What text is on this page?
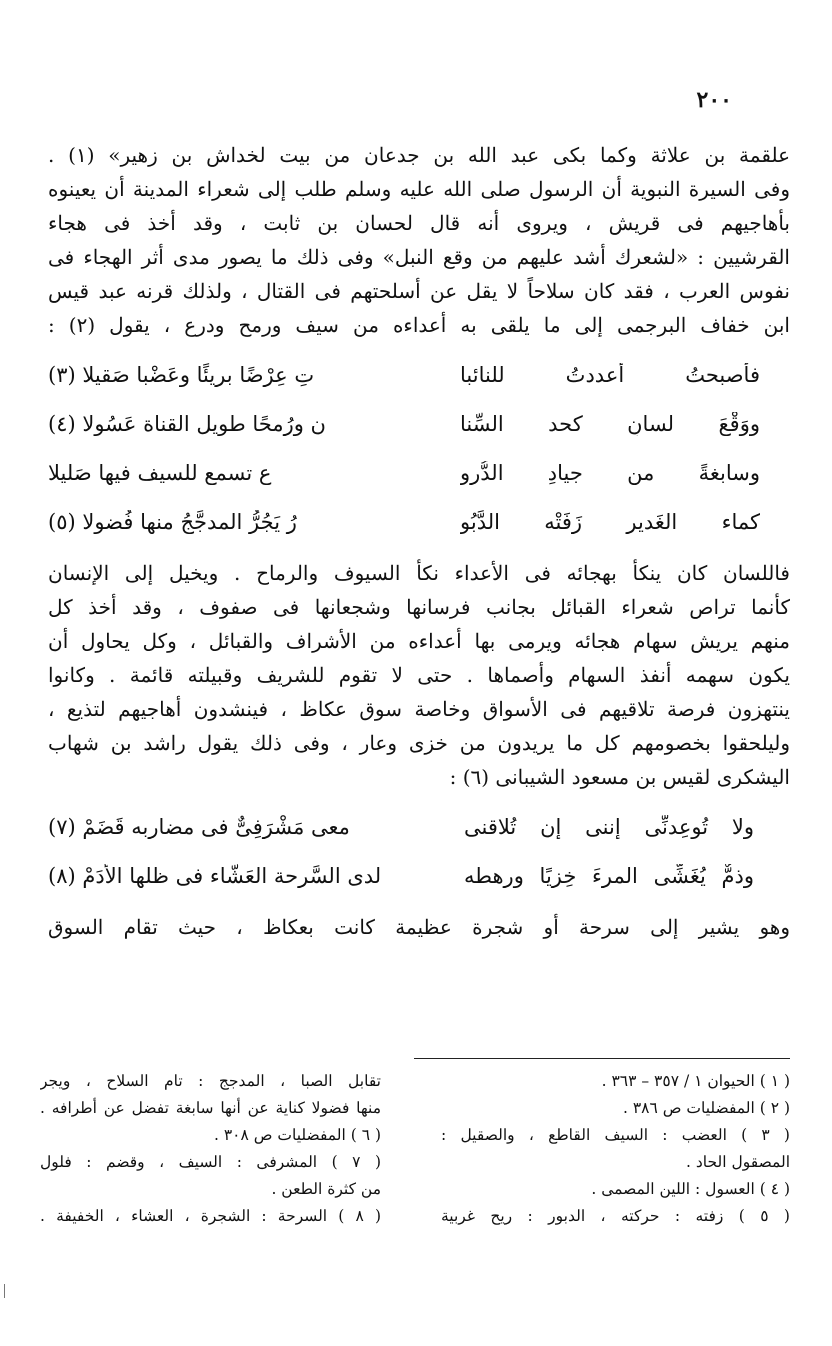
٢٠٠
علقمة بن علاثة وكما بكى عبد الله بن جدعان من بيت لخداش بن زهير» (١) .
وفى السيرة النبوية أن الرسول صلى الله عليه وسلم طلب إلى شعراء المدينة أن يعينوه
بأهاجيهم فى قريش ، ويروى أنه قال لحسان بن ثابت ، وقد أخذ فى هجاء
القرشيين : «لشعرك أشد عليهم من وقع النبل» وفى ذلك ما يصور مدى أثر الهجاء فى
نفوس العرب ، فقد كان سلاحاً لا يقل عن أسلحتهم فى القتال ، ولذلك قرنه عبد قيس
ابن خفاف البرجمى إلى ما يلقى به أعداءه من سيف ورمح ودرع ، يقول (٢) :
فأصبحتُ أعددتُ للنائبا
تِ عِرْضًا بريئًا وعَضْبا صَقيلا (٣)
ووَقْعَ لسانٍ كحد السِّنا
نِ ورُمحًا طويل القناة عَسُولا (٤)
وسابغةً من جيادِ الدُّرو
عِ تسمع للسيف فيها صَليلا
كماء الغَدير زَفَتْه الدَّبُو
رُ يَجُرُّ المدجَّجُ منها فُضولا (٥)
فاللسان كان ينكأ بهجائه فى الأعداء نكأ السيوف والرماح . ويخيل إلى الإنسان
كأنما تراص شعراء القبائل بجانب فرسانها وشجعانها فى صفوف ، وقد أخذ كل
منهم يريش سهام هجائه ويرمى بها أعداءه من الأشراف والقبائل ، وكل يحاول أن
يكون سهمه أنفذ السهام وأصماها . حتى لا تقوم للشريف وقبيلته قائمة . وكانوا
ينتهزون فرصة تلاقيهم فى الأسواق وخاصة سوق عكاظ ، فينشدون أهاجيهم لتذيع ،
وليلحقوا بخصومهم كل ما يريدون من خزى وعار ، وفى ذلك يقول راشد بن شهاب
اليشكرى لقيس بن مسعود الشيبانى (٦) :
ولا تُوعِدنِّى إننى إن تُلاقنى
معى مَشْرَفِىٌّ فى مضاربه قَضَمْ (٧)
وذمٌّ يُغَشِّى المرءَ خِزيًا ورهطه
لدى السَّرحة العَشّاء فى ظلها الأَدَمْ (٨)
وهو يشير إلى سرحة أو شجرة عظيمة كانت بعكاظ ، حيث تقام السوق
( ١ ) الحيوان ١ / ٣٥٧ – ٣٦٣ .
( ٢ ) المفضليات ص ٣٨٦ .
( ٣ ) العضب : السيف القاطع ، والصقيل :
المصقول الحاد .
( ٤ ) العسول : اللين المصمى .
( ٥ ) زفته : حركته ، الدبور : ريح غربية
تقابل الصبا ، المدجج : تام السلاح ، ويجر
منها فضولا كناية عن أنها سابغة تفضل عن أطرافه .
( ٦ ) المفضليات ص ٣٠٨ .
( ٧ ) المشرفى : السيف ، وقضم : فلول
من كثرة الطعن .
( ٨ ) السرحة : الشجرة ، العشاء ، الخفيفة .
